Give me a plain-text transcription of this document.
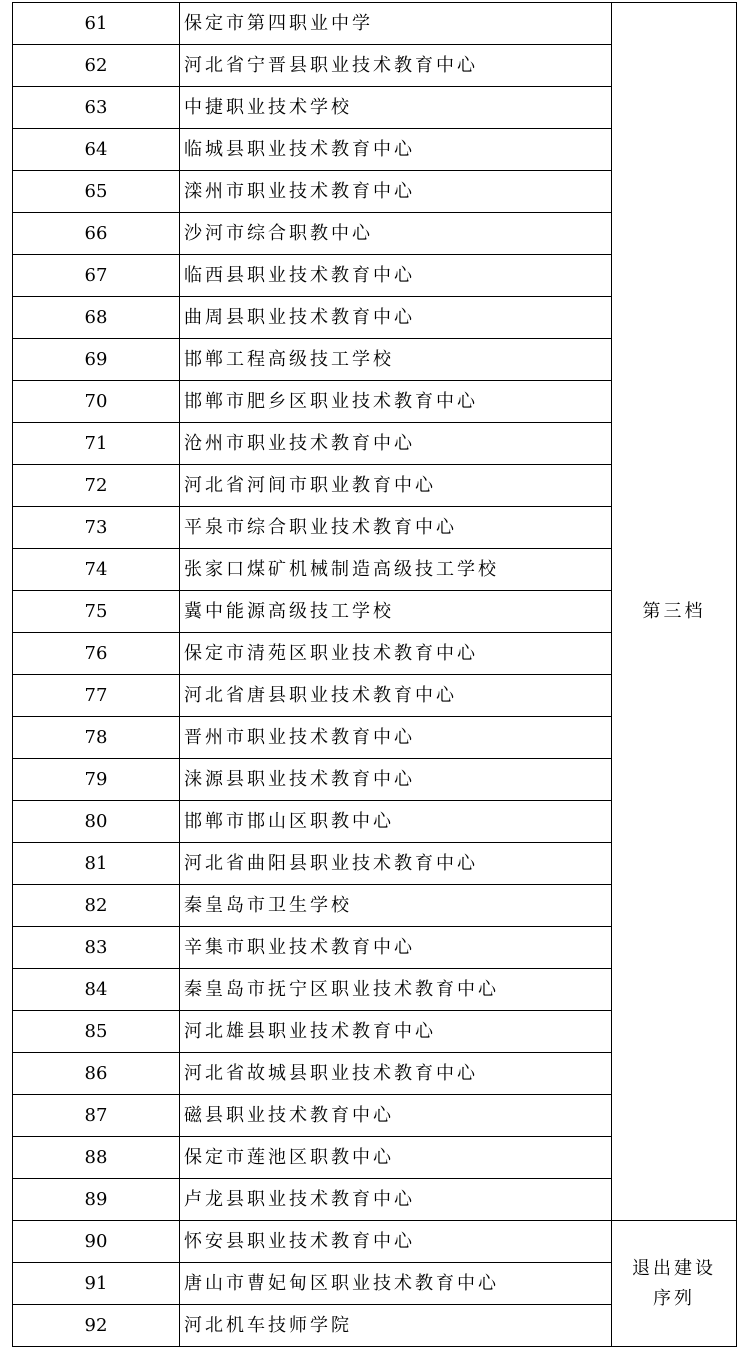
61	保定市第四职业中学	第三档
62	河北省宁晋县职业技术教育中心	
63	中捷职业技术学校	
64	临城县职业技术教育中心	
65	滦州市职业技术教育中心	
66	沙河市综合职教中心	
67	临西县职业技术教育中心	
68	曲周县职业技术教育中心	
69	邯郸工程高级技工学校	
70	邯郸市肥乡区职业技术教育中心	
71	沧州市职业技术教育中心	
72	河北省河间市职业教育中心	
73	平泉市综合职业技术教育中心	
74	张家口煤矿机械制造高级技工学校	
75	冀中能源高级技工学校	
76	保定市清苑区职业技术教育中心	
77	河北省唐县职业技术教育中心	
78	晋州市职业技术教育中心	
79	涞源县职业技术教育中心	
80	邯郸市邯山区职教中心	
81	河北省曲阳县职业技术教育中心	
82	秦皇岛市卫生学校	
83	辛集市职业技术教育中心	
84	秦皇岛市抚宁区职业技术教育中心	
85	河北雄县职业技术教育中心	
86	河北省故城县职业技术教育中心	
87	磁县职业技术教育中心	
88	保定市莲池区职教中心	
89	卢龙县职业技术教育中心	
90	怀安县职业技术教育中心	退出建设
序列
91	唐山市曹妃甸区职业技术教育中心	
92	河北机车技师学院	
